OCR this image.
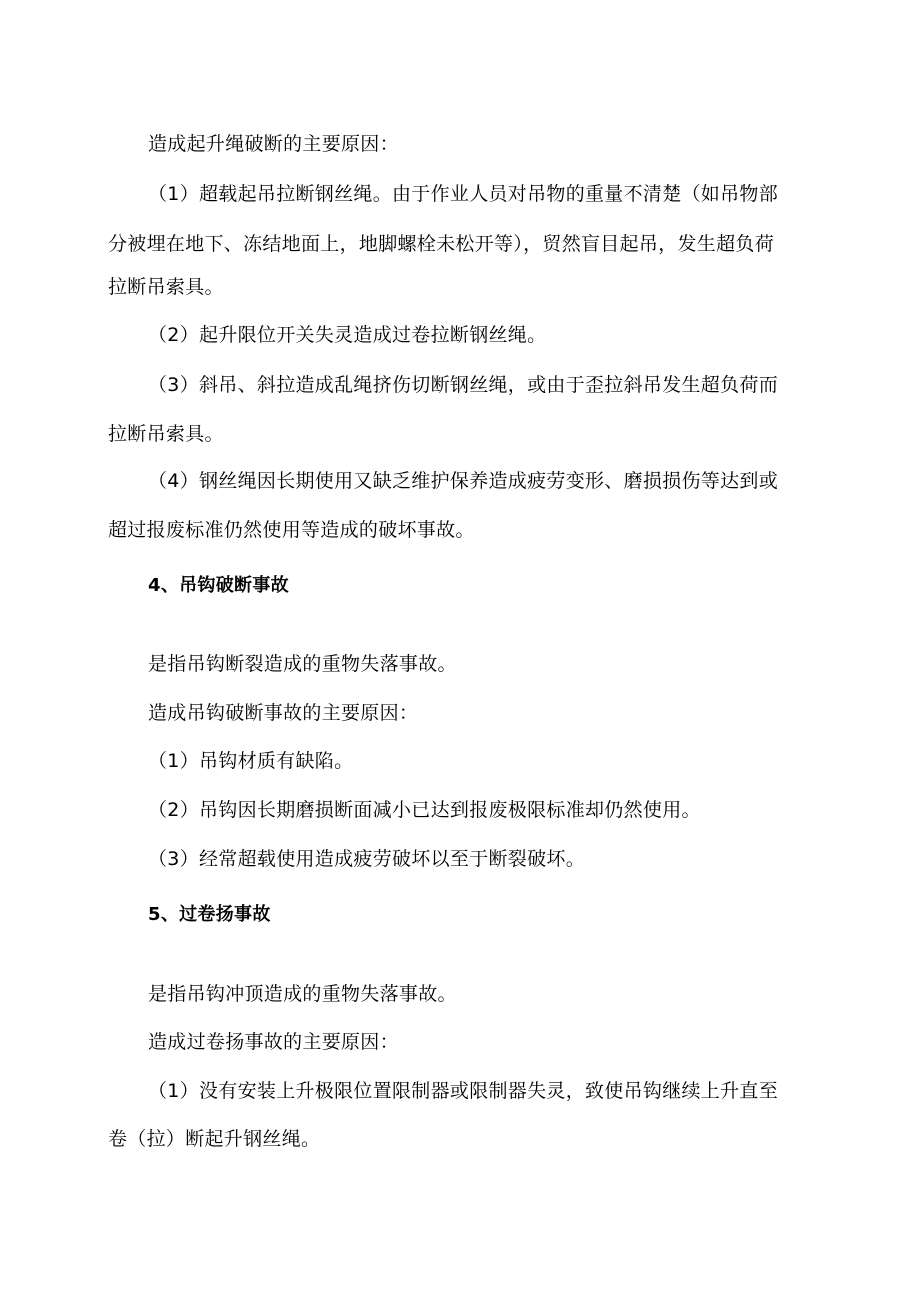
造成起升绳破断的主要原因：
（1）超载起吊拉断钢丝绳。由于作业人员对吊物的重量不清楚（如吊物部
分被埋在地下、冻结地面上，地脚螺栓未松开等），贸然盲目起吊，发生超负荷
拉断吊索具。
（2）起升限位开关失灵造成过卷拉断钢丝绳。
（3）斜吊、斜拉造成乱绳挤伤切断钢丝绳，或由于歪拉斜吊发生超负荷而
拉断吊索具。
（4）钢丝绳因长期使用又缺乏维护保养造成疲劳变形、磨损损伤等达到或
超过报废标准仍然使用等造成的破坏事故。
4、吊钩破断事故
是指吊钩断裂造成的重物失落事故。
造成吊钩破断事故的主要原因：
（1）吊钩材质有缺陷。
（2）吊钩因长期磨损断面减小已达到报废极限标准却仍然使用。
（3）经常超载使用造成疲劳破坏以至于断裂破坏。
5、过卷扬事故
是指吊钩冲顶造成的重物失落事故。
造成过卷扬事故的主要原因：
（1）没有安装上升极限位置限制器或限制器失灵，致使吊钩继续上升直至
卷（拉）断起升钢丝绳。
